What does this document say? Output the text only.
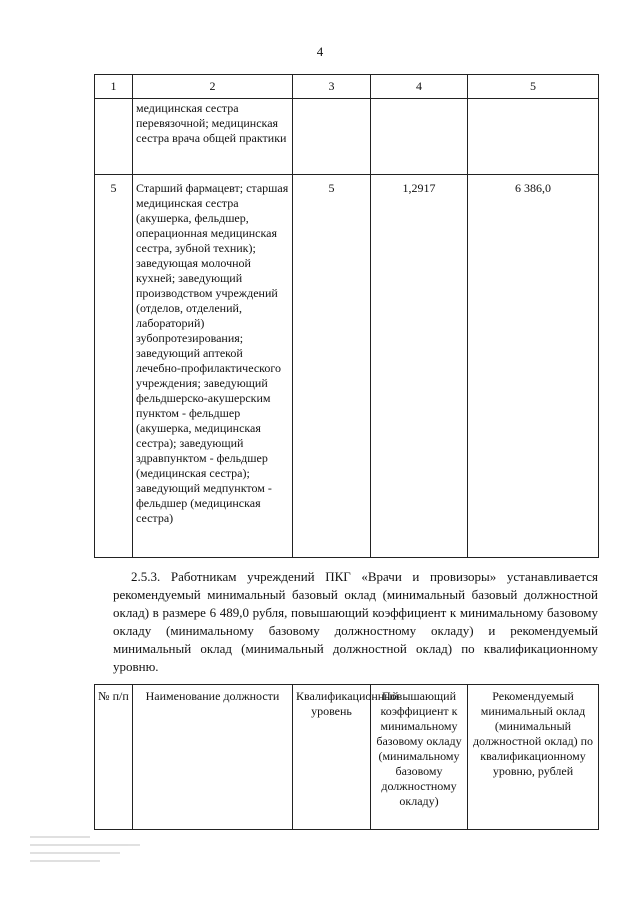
4
1	2	3	4	5
	медицинская сестра перевязочной; медицинская сестра врача общей практики			
5	Старший фармацевт; старшая медицинская сестра (акушерка, фельдшер, операционная медицинская сестра, зубной техник); заведующая молочной кухней; заведующий производством учреждений (отделов, отделений, лабораторий) зубопротезирования; заведующий аптекой лечебно-профилактического учреждения; заведующий фельдшерско-акушерским пунктом - фельдшер (акушерка, медицинская сестра); заведующий здравпунктом - фельдшер (медицинская сестра); заведующий медпунктом - фельдшер (медицинская сестра)	5	1,2917	6 386,0
2.5.3. Работникам учреждений ПКГ «Врачи и провизоры» устанавливается рекомендуемый минимальный базовый оклад (минимальный базовый должностной оклад) в размере 6 489,0 рубля, повышающий коэффициент к минимальному базовому окладу (минимальному базовому должностному окладу) и рекомендуемый минимальный оклад (минимальный должностной оклад) по квалификационному уровню.
№ п/п	Наименование должности	Квалификационный уровень	Повышающий коэффициент к минимальному базовому окладу (минимальному базовому должностному окладу)	Рекомендуемый минимальный оклад (минимальный должностной оклад) по квалификационному уровню, рублей
